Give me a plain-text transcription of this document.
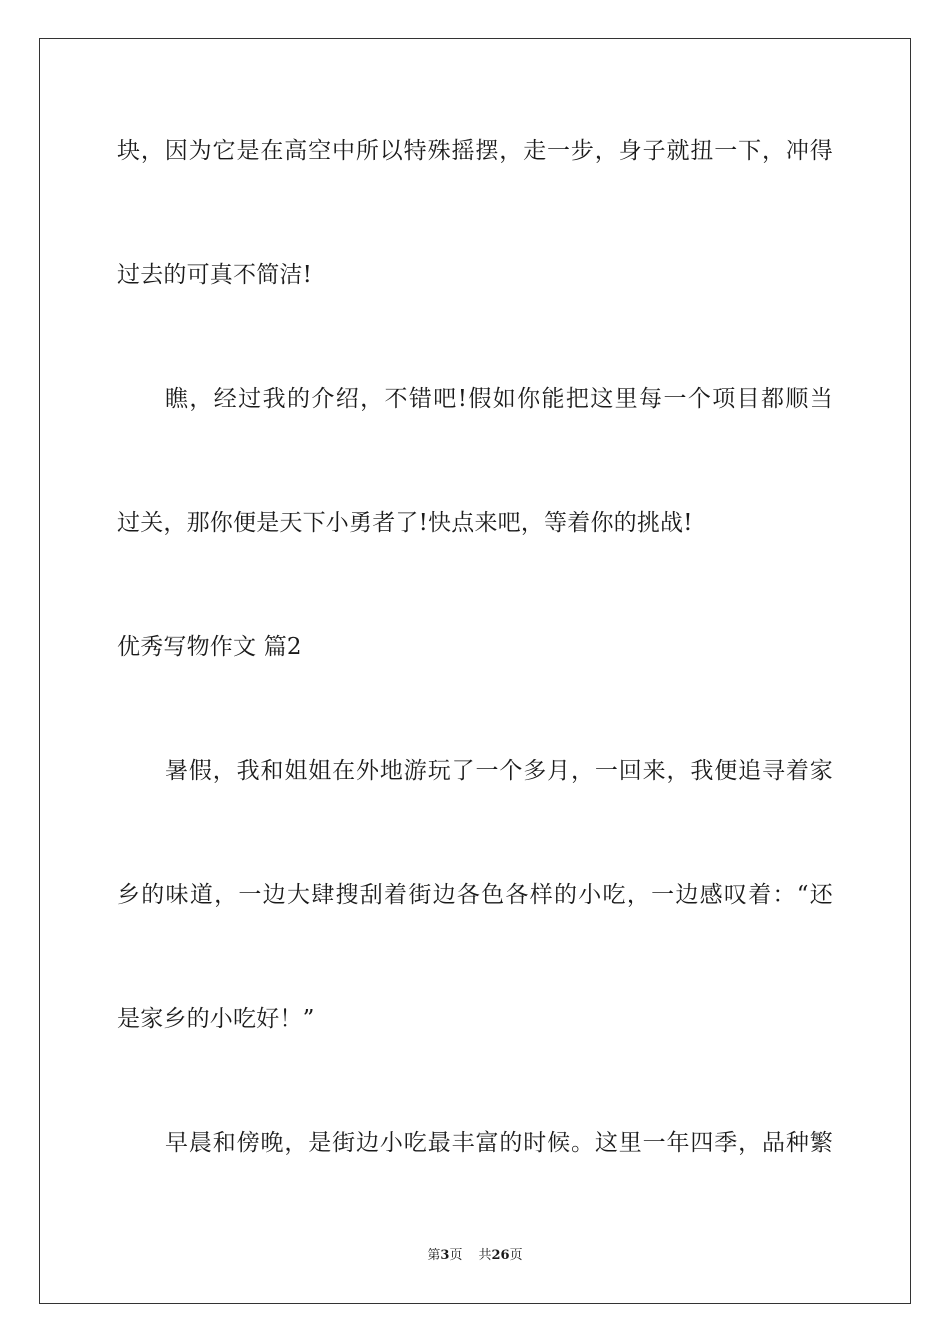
块，因为它是在高空中所以特殊摇摆，走一步，身子就扭一下，冲得
过去的可真不简洁!
瞧，经过我的介绍，不错吧!假如你能把这里每一个项目都顺当
过关，那你便是天下小勇者了!快点来吧，等着你的挑战!
优秀写物作文 篇2
暑假，我和姐姐在外地游玩了一个多月，一回来，我便追寻着家
乡的味道，一边大肆搜刮着街边各色各样的小吃，一边感叹着：“还
是家乡的小吃好！”
早晨和傍晚，是街边小吃最丰富的时候。这里一年四季，品种繁
第3页 共26页
